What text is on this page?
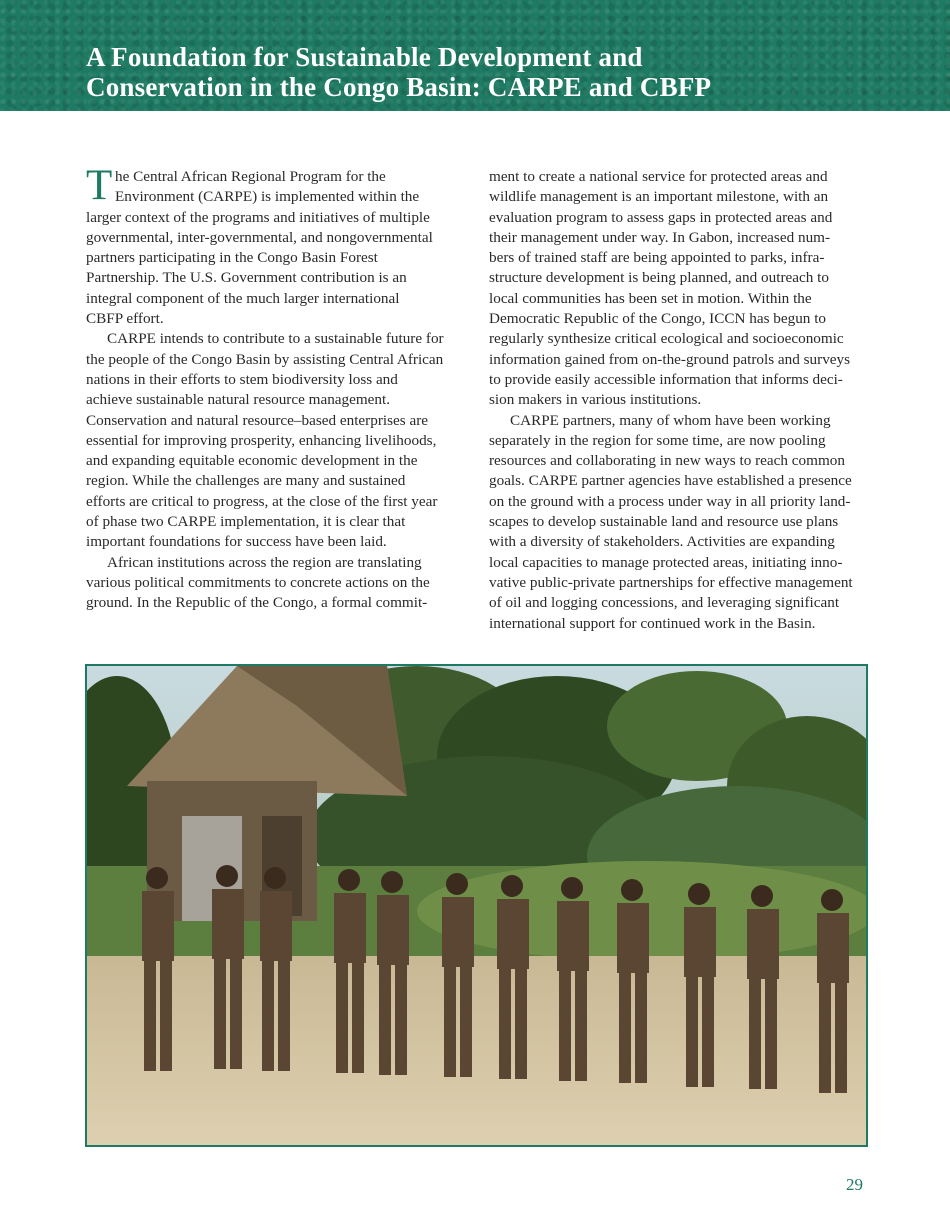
A Foundation for Sustainable Development and
Conservation in the Congo Basin: CARPE and CBFP
T he Central African Regional Program for the
Environment (CARPE) is implemented within the
larger context of the programs and initiatives of multiple
governmental, inter-governmental, and nongovernmental
partners participating in the Congo Basin Forest
Partnership. The U.S. Government contribution is an
integral component of the much larger international
CBFP effort.
CARPE intends to contribute to a sustainable future for
the people of the Congo Basin by assisting Central African
nations in their efforts to stem biodiversity loss and
achieve sustainable natural resource management.
Conservation and natural resource–based enterprises are
essential for improving prosperity, enhancing livelihoods,
and expanding equitable economic development in the
region. While the challenges are many and sustained
efforts are critical to progress, at the close of the first year
of phase two CARPE implementation, it is clear that
important foundations for success have been laid.
African institutions across the region are translating
various political commitments to concrete actions on the
ground. In the Republic of the Congo, a formal commit-
ment to create a national service for protected areas and
wildlife management is an important milestone, with an
evaluation program to assess gaps in protected areas and
their management under way. In Gabon, increased num-
bers of trained staff are being appointed to parks, infra-
structure development is being planned, and outreach to
local communities has been set in motion. Within the
Democratic Republic of the Congo, ICCN has begun to
regularly synthesize critical ecological and socioeconomic
information gained from on-the-ground patrols and surveys
to provide easily accessible information that informs deci-
sion makers in various institutions.
CARPE partners, many of whom have been working
separately in the region for some time, are now pooling
resources and collaborating in new ways to reach common
goals. CARPE partner agencies have established a presence
on the ground with a process under way in all priority land-
scapes to develop sustainable land and resource use plans
with a diversity of stakeholders. Activities are expanding
local capacities to manage protected areas, initiating inno-
vative public-private partnerships for effective management
of oil and logging concessions, and leveraging significant
international support for continued work in the Basin.
29
